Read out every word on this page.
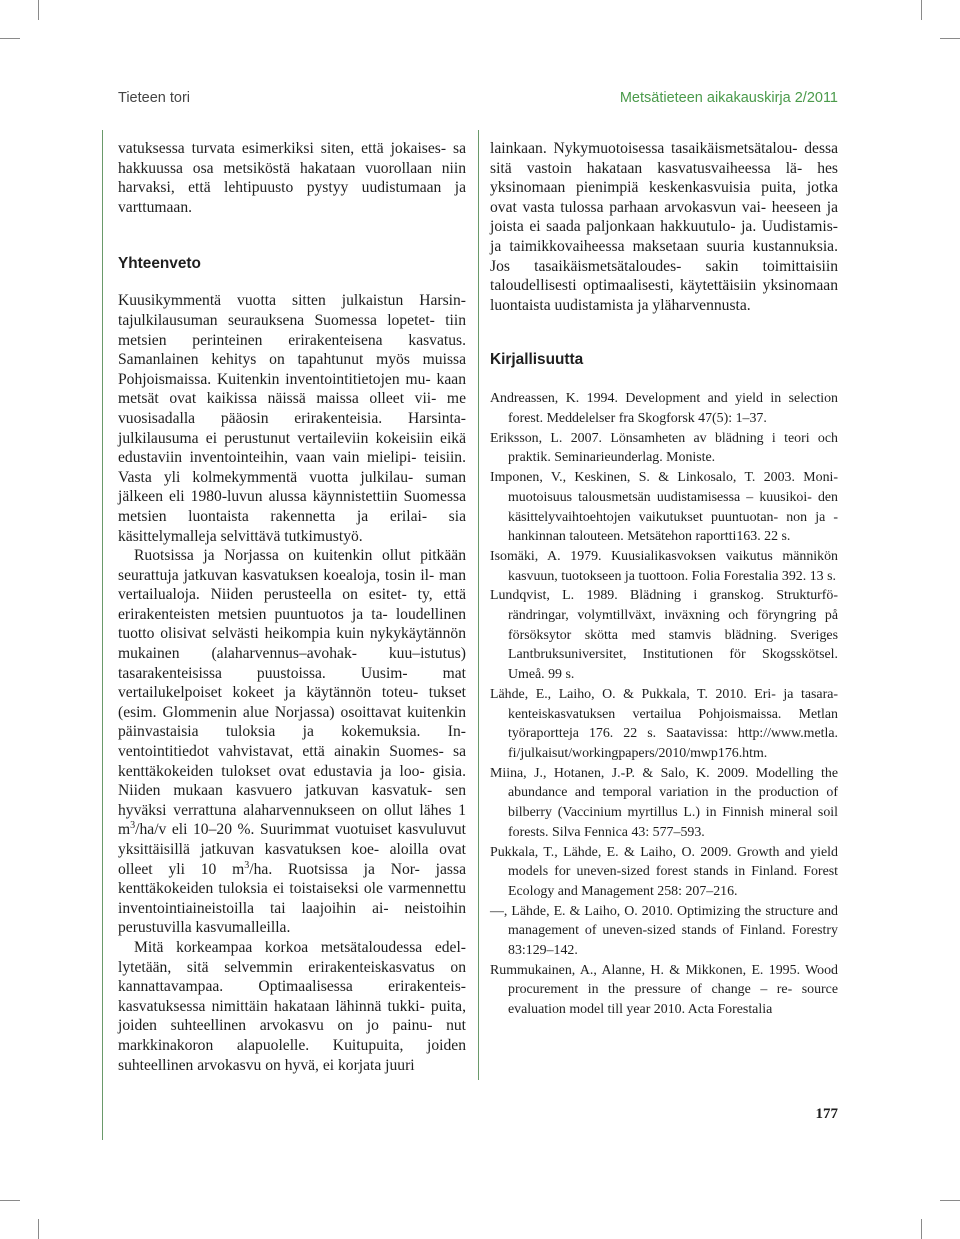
Tieteen tori	Metsätieteen aikakauskirja 2/2011

vatuksessa turvata esimerkiksi siten, että jokaises- sa hakkuussa osa metsiköstä hakataan vuorollaan niin harvaksi, että lehtipuusto pystyy uudistumaan ja varttumaan.

Yhteenveto

Kuusikymmentä vuotta sitten julkaistun Harsin- tajulkilausuman seurauksena Suomessa lopetet- tiin metsien perinteinen erirakenteisena kasvatus. Samanlainen kehitys on tapahtunut myös muissa Pohjoismaissa. Kuitenkin inventointitietojen mu- kaan metsät ovat kaikissa näissä maissa olleet vii- me vuosisadalla pääosin erirakenteisia. Harsinta- julkilausuma ei perustunut vertaileviin kokeisiin eikä edustaviin inventointeihin, vaan vain mielipi- teisiin. Vasta yli kolmekymmentä vuotta julkilau- suman jälkeen eli 1980-luvun alussa käynnistettiin Suomessa metsien luontaista rakennetta ja erilai- sia käsittelymalleja selvittävä tutkimustyö.

Ruotsissa ja Norjassa on kuitenkin ollut pitkään seurattuja jatkuvan kasvatuksen koealoja, tosin il- man vertailualoja. Niiden perusteella on esitet- ty, että erirakenteisten metsien puuntuotos ja ta- loudellinen tuotto olisivat selvästi heikompia kuin nykykäytännön mukainen (alaharvennus–avohak- kuu–istutus) tasarakenteisissa puustoissa. Uusim- mat vertailukelpoiset kokeet ja käytännön toteu- tukset (esim. Glommenin alue Norjassa) osoittavat kuitenkin päinvastaisia tuloksia ja kokemuksia. In- ventointitiedot vahvistavat, että ainakin Suomes- sa kenttäkokeiden tulokset ovat edustavia ja loo- gisia. Niiden mukaan kasvuero jatkuvan kasvatuk- sen hyväksi verrattuna alaharvennukseen on ollut lähes 1 $m^3/ha/v$ eli 10–20 %. Suurimmat vuotuiset kasvuluvut yksittäisillä jatkuvan kasvatuksen koe- aloilla ovat olleet yli 10 $m^3/ha$. Ruotsissa ja Nor- jassa kenttäkokeiden tuloksia ei toistaiseksi ole varmennettu inventointiaineistoilla tai laajoihin ai- neistoihin perustuvilla kasvumalleilla.

Mitä korkeampaa korkoa metsätaloudessa edel- lytetään, sitä selvemmin erirakenteiskasvatus on kannattavampaa. Optimaalisessa erirakenteis- kasvatuksessa nimittäin hakataan lähinnä tukki- puita, joiden suhteellinen arvokasvu on jo painu- nut markkinakoron alapuolelle. Kuitupuita, joiden suhteellinen arvokasvu on hyvä, ei korjata juuri

lainkaan. Nykymuotoisessa tasaikäismetsätalou- dessa sitä vastoin hakataan kasvatusvaiheessa lä- hes yksinomaan pienimpiä keskenkasvuisia puita, jotka ovat vasta tulossa parhaan arvokasvun vai- heeseen ja joista ei saada paljonkaan hakkuutulo- ja. Uudistamis- ja taimikkovaiheessa maksetaan suuria kustannuksia. Jos tasaikäismetsätaloudes- sakin toimittaisiin taloudellisesti optimaalisesti, käytettäisiin yksinomaan luontaista uudistamista ja yläharvennusta.

Kirjallisuutta
Andreassen, K. 1994. Development and yield in selection forest. Meddelelser fra Skogforsk 47(5): 1–37.
Eriksson, L. 2007. Lönsamheten av blädning i teori och praktik. Seminarieunderlag. Moniste.
Imponen, V., Keskinen, S. & Linkosalo, T. 2003. Moni- muotoisuus talousmetsän uudistamisessa – kuusikoi- den käsittelyvaihtoehtojen vaikutukset puuntuotan- non ja -hankinnan talouteen. Metsätehon raportti163. 22 s.
Isomäki, A. 1979. Kuusialikasvoksen vaikutus männikön kasvuun, tuotokseen ja tuottoon. Folia Forestalia 392. 13 s.
Lundqvist, L. 1989. Blädning i granskog. Strukturfö- rändringar, volymtillväxt, inväxning och föryngring på försöksytor skötta med stamvis blädning. Sveriges Lantbruksuniversitet, Institutionen för Skogsskötsel. Umeå. 99 s.
Lähde, E., Laiho, O. & Pukkala, T. 2010. Eri- ja tasara- kenteiskasvatuksen vertailua Pohjoismaissa. Metlan työraportteja 176. 22 s. Saatavissa: http://www.metla. fi/julkaisut/workingpapers/2010/mwp176.htm.
Miina, J., Hotanen, J.-P. & Salo, K. 2009. Modelling the abundance and temporal variation in the production of bilberry (Vaccinium myrtillus L.) in Finnish mineral soil forests. Silva Fennica 43: 577–593.
Pukkala, T., Lähde, E. & Laiho, O. 2009. Growth and yield models for uneven-sized forest stands in Finland. Forest Ecology and Management 258: 207–216.
—, Lähde, E. & Laiho, O. 2010. Optimizing the structure and management of uneven-sized stands of Finland. Forestry 83:129–142.
Rummukainen, A., Alanne, H. & Mikkonen, E. 1995. Wood procurement in the pressure of change – re- source evaluation model till year 2010. Acta Forestalia
177
